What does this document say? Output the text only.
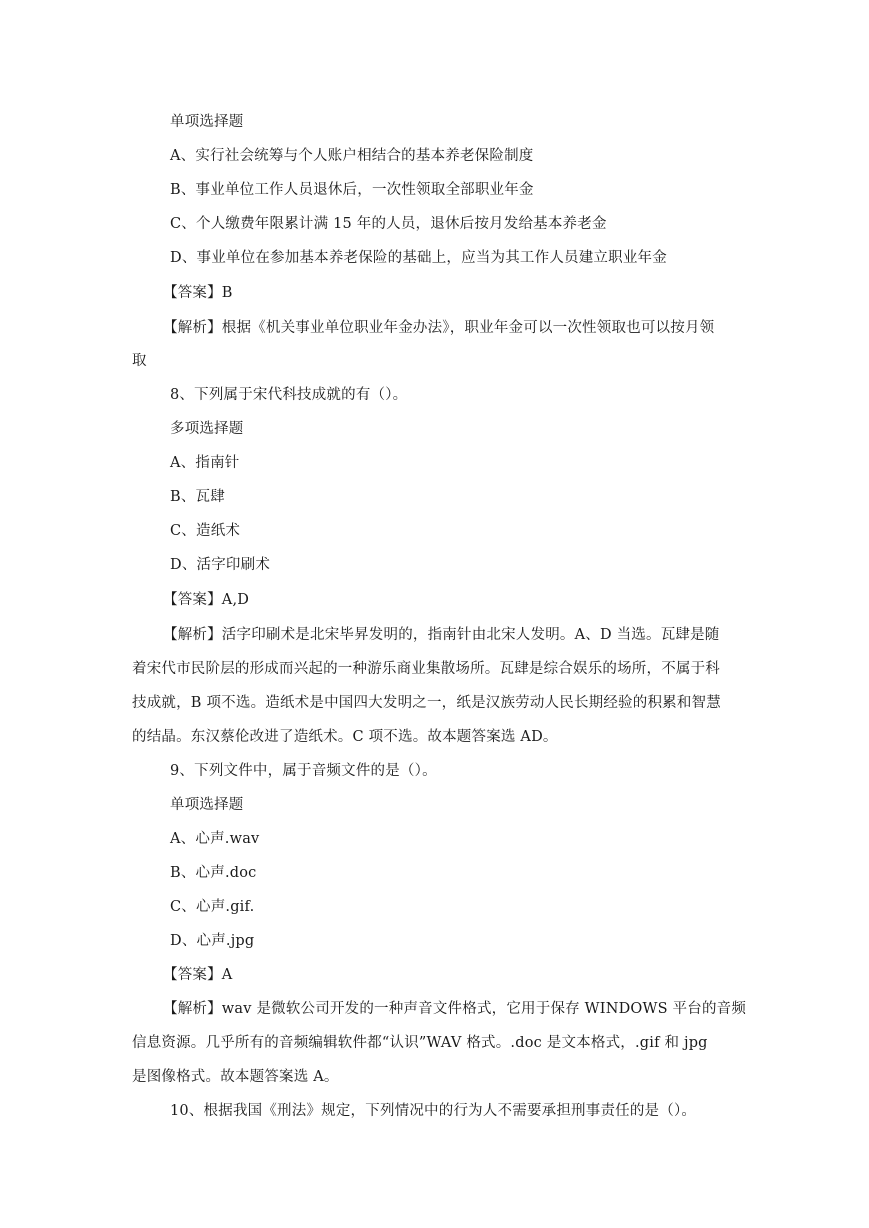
单项选择题
A、实行社会统筹与个人账户相结合的基本养老保险制度
B、事业单位工作人员退休后，一次性领取全部职业年金
C、个人缴费年限累计满 15 年的人员，退休后按月发给基本养老金
D、事业单位在参加基本养老保险的基础上，应当为其工作人员建立职业年金
【答案】B
【解析】根据《机关事业单位职业年金办法》，职业年金可以一次性领取也可以按月领
取
8、下列属于宋代科技成就的有（）。
多项选择题
A、指南针
B、瓦肆
C、造纸术
D、活字印刷术
【答案】A,D
【解析】活字印刷术是北宋毕昇发明的，指南针由北宋人发明。A、D 当选。瓦肆是随
着宋代市民阶层的形成而兴起的一种游乐商业集散场所。瓦肆是综合娱乐的场所，不属于科
技成就，B 项不选。造纸术是中国四大发明之一，纸是汉族劳动人民长期经验的积累和智慧
的结晶。东汉蔡伦改进了造纸术。C 项不选。故本题答案选 AD。
9、下列文件中，属于音频文件的是（）。
单项选择题
A、心声.wav
B、心声.doc
C、心声.gif.
D、心声.jpg
【答案】A
【解析】wav 是微软公司开发的一种声音文件格式，它用于保存 WINDOWS 平台的音频
信息资源。几乎所有的音频编辑软件都“认识”WAV 格式。.doc 是文本格式，.gif 和 jpg
是图像格式。故本题答案选 A。
10、根据我国《刑法》规定，下列情况中的行为人不需要承担刑事责任的是（）。
